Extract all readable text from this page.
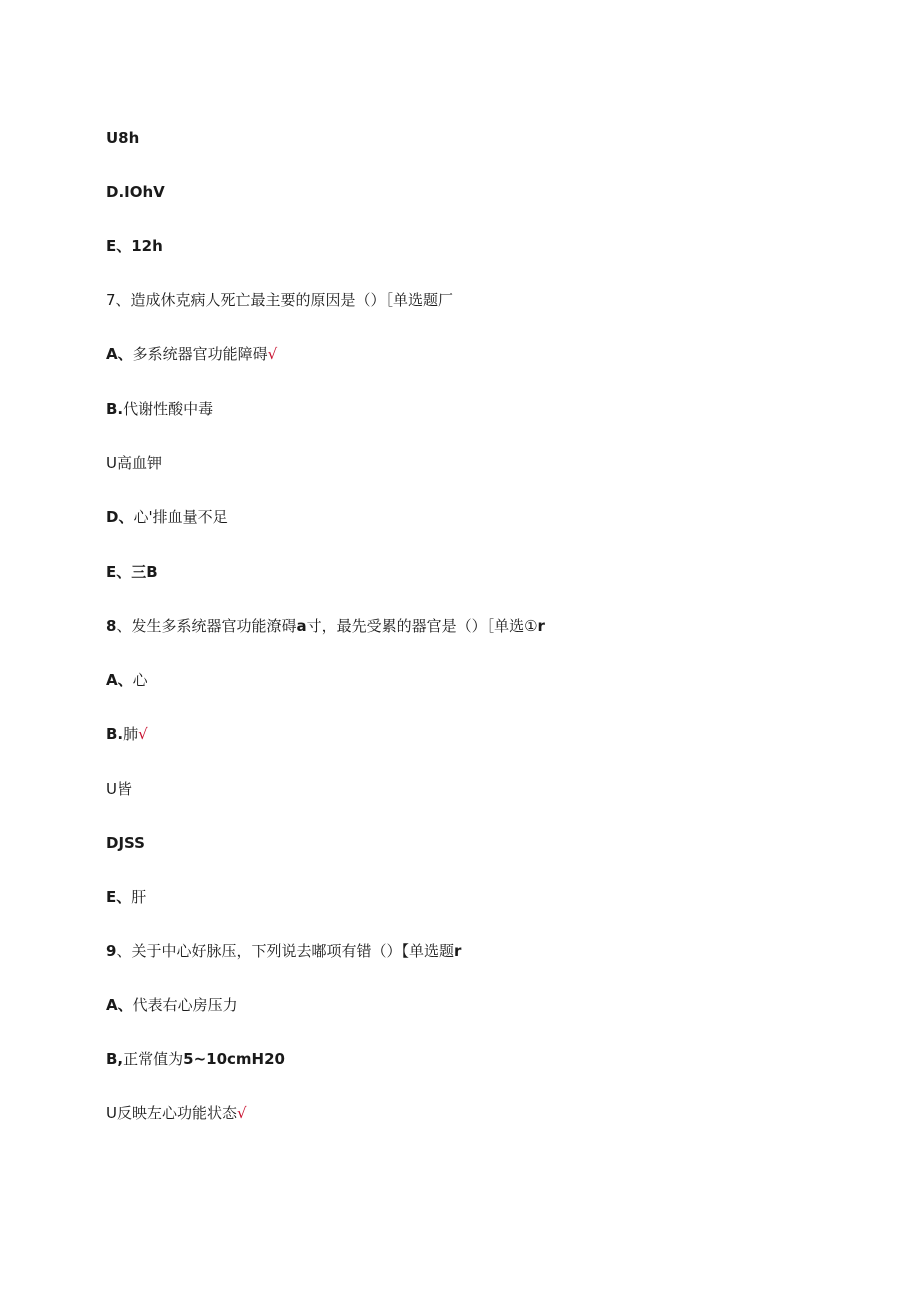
U8h
D.IOhV
E、12h
7、造成休克病人死亡最主要的原因是（）［单选题厂
A、多系统器官功能障碍√
B.代谢性酸中毒
U高血钾
D、心'排血量不足
E、三B
8、发生多系统器官功能潦碍a寸，最先受累的器官是（）［单选①r
A、心
B.肺√
U皆
DJSS
E、肝
9、关于中心好脉压，下列说去嘟项有错（）【单选题r
A、代表右心房压力
B,正常值为5~10cmH20
U反映左心功能状态√
